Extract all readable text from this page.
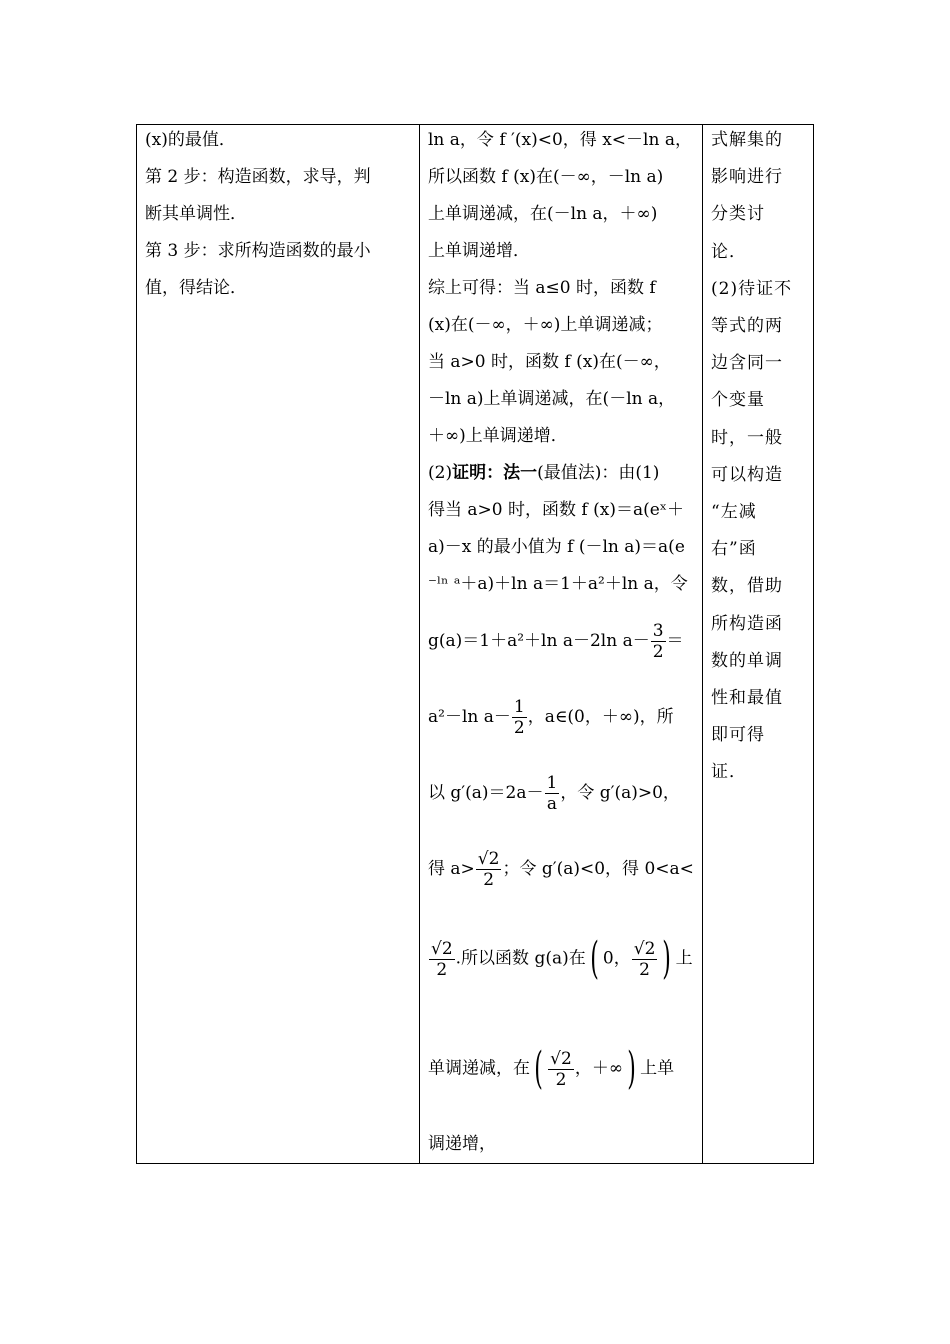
(x)的最值．
第 2 步：构造函数，求导，判
断其单调性．
第 3 步：求所构造函数的最小
值，得结论．
ln a，令 f ′(x)<0，得 x<－ln a，
所以函数 f (x)在(－∞，－ln a)
上单调递减，在(－ln a，＋∞)
上单调递增．
综上可得：当 a≤0 时，函数 f
(x)在(－∞，＋∞)上单调递减；
当 a>0 时，函数 f (x)在(－∞，
－ln a)上单调递减，在(－ln a，
＋∞)上单调递增．
(2)证明：法一(最值法)：由(1)
得当 a>0 时，函数 f (x)＝a(eˣ＋
a)－x 的最小值为 f (－ln a)＝a(e
⁻ˡⁿ ᵃ＋a)＋ln a＝1＋a²＋ln a，令
g(a)＝1＋a²＋ln a－2ln $a- \frac{3}{2}$ ＝
a²－ln $a- \frac{1}{2}$ ，a∈(0，＋∞)，所
以 $g'(a)=2a- \frac{1}{a}$ ，令 g′(a)>0，
得 $a> \frac{√2}{2}$ ；令 g′(a)<0，得 0<a<
$\frac{√2}{2}$ .所以函数 g(a)在( 0， $\frac{√2}{2}$ ) 上
单调递减，在( $\frac{√2}{2}$ ，＋∞) 上单
调递增，
式解集的
影响进行
分类讨
论．
(2)待证不
等式的两
边含同一
个变量
时，一般
可以构造
“左减
右”函
数，借助
所构造函
数的单调
性和最值
即可得
证．
